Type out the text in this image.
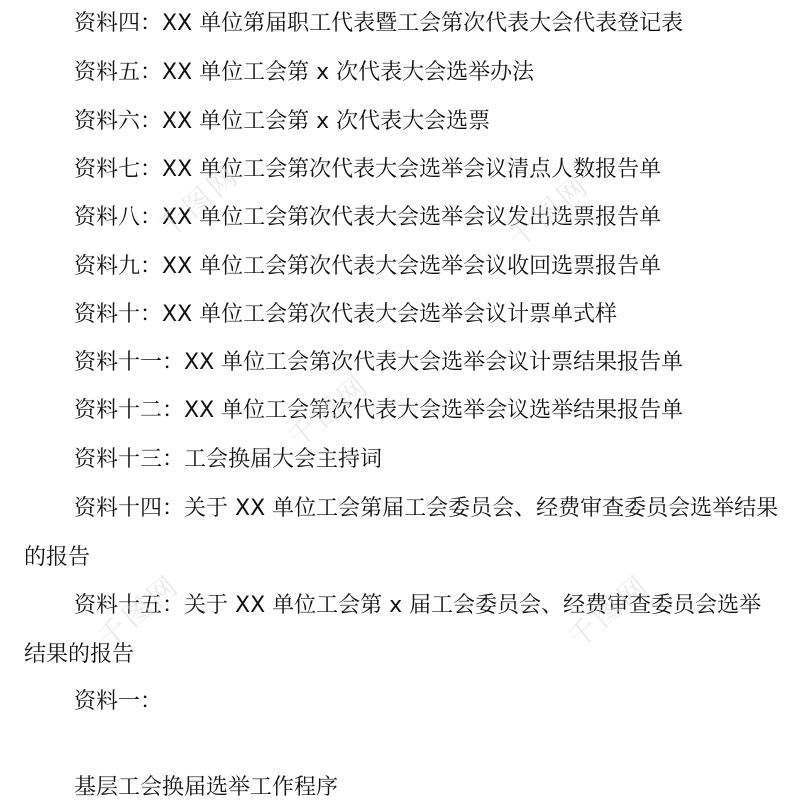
资料四：XX 单位第届职工代表暨工会第次代表大会代表登记表

资料五：XX 单位工会第 x 次代表大会选举办法

资料六：XX 单位工会第 x 次代表大会选票

资料七：XX 单位工会第次代表大会选举会议清点人数报告单

资料八：XX 单位工会第次代表大会选举会议发出选票报告单

资料九：XX 单位工会第次代表大会选举会议收回选票报告单

资料十：XX 单位工会第次代表大会选举会议计票单式样

资料十一：XX 单位工会第次代表大会选举会议计票结果报告单

资料十二：XX 单位工会第次代表大会选举会议选举结果报告单

资料十三：工会换届大会主持词

资料十四：关于 XX 单位工会第届工会委员会、经费审查委员会选举结果的报告

资料十五：关于 XX 单位工会第 x 届工会委员会、经费审查委员会选举结果的报告

资料一：

基层工会换届选举工作程序

千图网	千图网
千图网
千图网	千图网
